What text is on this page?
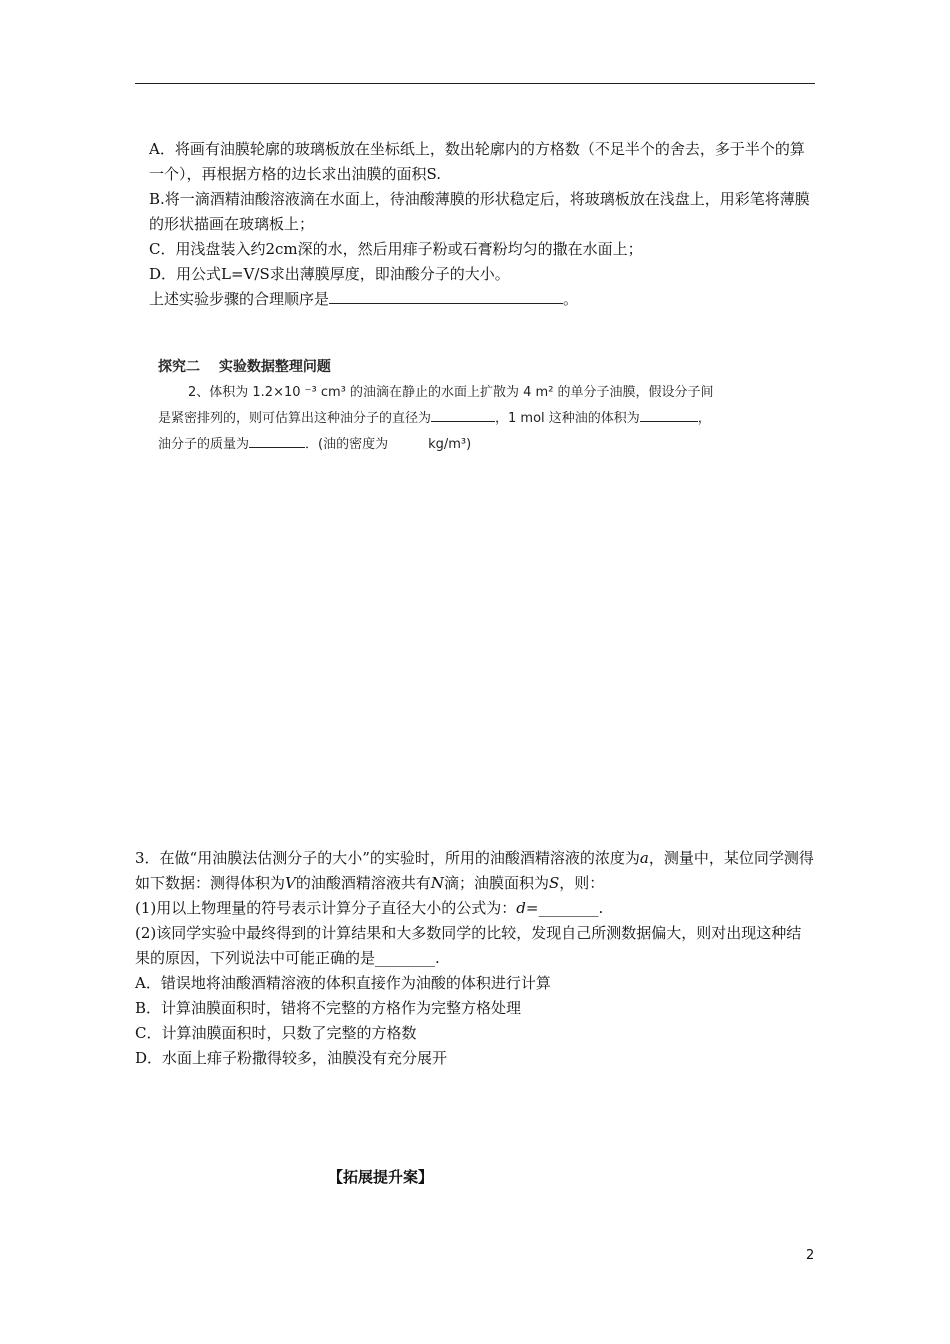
A．将画有油膜轮廓的玻璃板放在坐标纸上，数出轮廓内的方格数（不足半个的舍去，多于半个的算一个），再根据方格的边长求出油膜的面积S.

B.将一滴酒精油酸溶液滴在水面上，待油酸薄膜的形状稳定后，将玻璃板放在浅盘上，用彩笔将薄膜的形状描画在玻璃板上；

C．用浅盘装入约2cm深的水，然后用痱子粉或石膏粉均匀的撒在水面上；

D．用公式L=V/S求出薄膜厚度，即油酸分子的大小。

上述实验步骤的合理顺序是	。

探究二　 实验数据整理问题

2、体积为 1.2×10 ⁻³ cm³ 的油滴在静止的水面上扩散为 4 m² 的单分子油膜，假设分子间

是紧密排列的，则可估算出这种油分子的直径为	，1 mol 这种油的体积为	，

油分子的质量为	．(油的密度为	kg/m³)

3．在做“用油膜法估测分子的大小”的实验时，所用的油酸酒精溶液的浓度为a，测量中，某位同学测得如下数据：测得体积为V的油酸酒精溶液共有N滴；油膜面积为S，则：

(1)用以上物理量的符号表示计算分子直径大小的公式为：d=________.

(2)该同学实验中最终得到的计算结果和大多数同学的比较，发现自己所测数据偏大，则对出现这种结果的原因，下列说法中可能正确的是________.

A．错误地将油酸酒精溶液的体积直接作为油酸的体积进行计算

B．计算油膜面积时，错将不完整的方格作为完整方格处理

C．计算油膜面积时，只数了完整的方格数

D．水面上痱子粉撒得较多，油膜没有充分展开

【拓展提升案】
2
